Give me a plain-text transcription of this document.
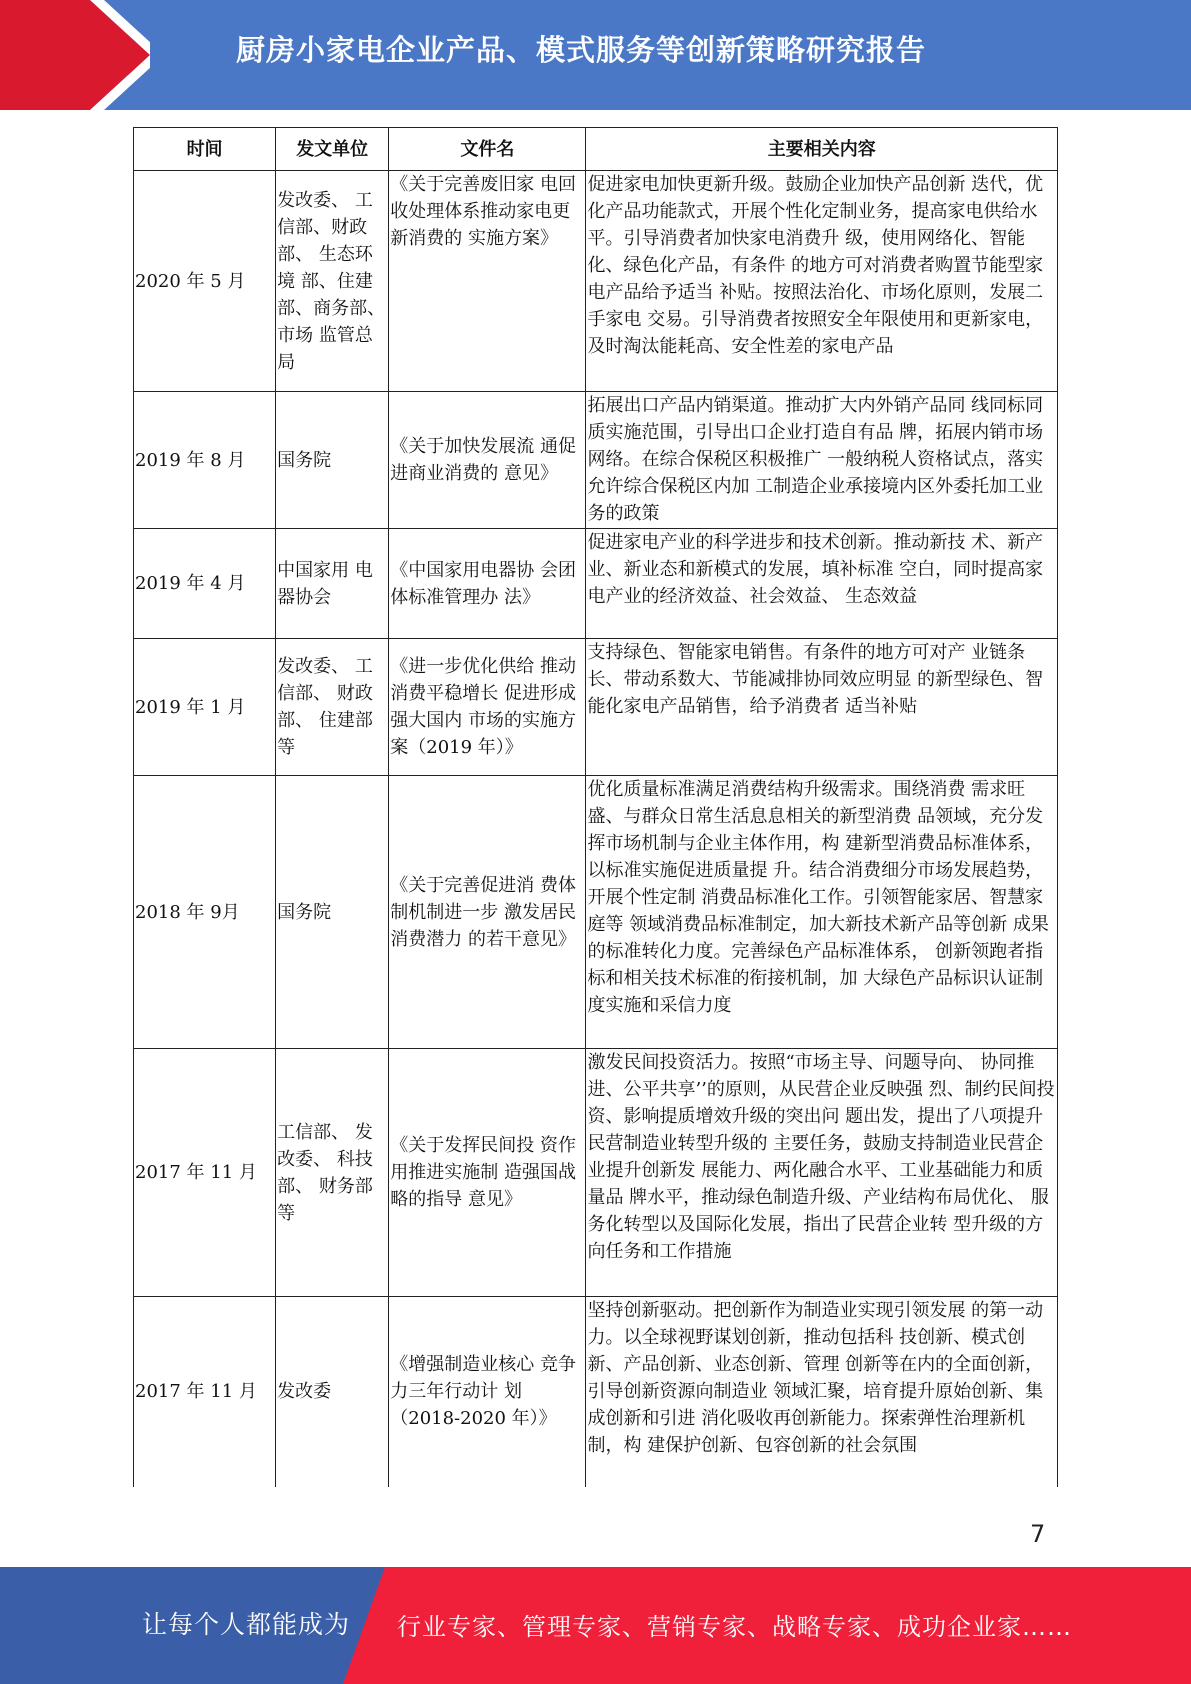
厨房小家电企业产品、模式服务等创新策略研究报告
时间	发文单位	文件名	主要相关内容
2020 年 5 月	发改委、 工信部、财政部、 生态环境 部、住建部、商务部、市场 监管总局	《关于完善废旧家 电回收处理体系推动家电更新消费的 实施方案》	促进家电加快更新升级。鼓励企业加快产品创新 迭代，优化产品功能款式，开展个性化定制业务，提高家电供给水平。引导消费者加快家电消费升 级，使用网络化、智能化、绿色化产品，有条件 的地方可对消费者购置节能型家电产品给予适当 补贴。按照法治化、市场化原则，发展二手家电 交易。引导消费者按照安全年限使用和更新家电， 及时淘汰能耗高、安全性差的家电产品
2019 年 8 月	国务院	《关于加快发展流 通促进商业消费的 意见》	拓展出口产品内销渠道。推动扩大内外销产品同 线同标同质实施范围，引导出口企业打造自有品 牌，拓展内销市场网络。在综合保税区积极推广 一般纳税人资格试点，落实允许综合保税区内加 工制造企业承接境内区外委托加工业务的政策
2019 年 4 月	中国家用 电器协会	《中国家用电器协 会团体标准管理办 法》	促进家电产业的科学进步和技术创新。推动新技 术、新产业、新业态和新模式的发展，填补标准 空白，同时提高家电产业的经济效益、社会效益、 生态效益
2019 年 1 月	发改委、 工信部、 财政部、 住建部等	《进一步优化供给 推动消费平稳增长 促进形成强大国内 市场的实施方案（2019 年）》	支持绿色、智能家电销售。有条件的地方可对产 业链条长、带动系数大、节能减排协同效应明显 的新型绿色、智能化家电产品销售，给予消费者 适当补贴
2018 年 9月	国务院	《关于完善促进消 费体制机制进一步 激发居民消费潜力 的若干意见》	优化质量标准满足消费结构升级需求。围绕消费 需求旺盛、与群众日常生活息息相关的新型消费 品领域，充分发挥市场机制与企业主体作用，构 建新型消费品标准体系，以标准实施促进质量提 升。结合消费细分市场发展趋势，开展个性定制 消费品标准化工作。引领智能家居、智慧家庭等 领域消费品标准制定，加大新技术新产品等创新 成果的标准转化力度。完善绿色产品标准体系， 创新领跑者指标和相关技术标准的衔接机制，加 大绿色产品标识认证制度实施和采信力度
2017 年 11 月	工信部、 发改委、 科技部、 财务部等	《关于发挥民间投 资作用推进实施制 造强国战略的指导 意见》	激发民间投资活力。按照“市场主导、问题导向、 协同推进、公平共享’’的原则，从民营企业反映强 烈、制约民间投资、影响提质增效升级的突出问 题出发，提出了八项提升民营制造业转型升级的 主要任务，鼓励支持制造业民营企业提升创新发 展能力、两化融合水平、工业基础能力和质量品 牌水平，推动绿色制造升级、产业结构布局优化、 服务化转型以及国际化发展，指出了民营企业转 型升级的方向任务和工作措施
2017 年 11 月	发改委	《增强制造业核心 竞争力三年行动计 划（2018-2020 年）》	坚持创新驱动。把创新作为制造业实现引领发展 的第一动力。以全球视野谋划创新，推动包括科 技创新、模式创新、产品创新、业态创新、管理 创新等在内的全面创新，引导创新资源向制造业 领域汇聚，培育提升原始创新、集成创新和引进 消化吸收再创新能力。探索弹性治理新机制，构 建保护创新、包容创新的社会氛围
7
让每个人都能成为 行业专家、管理专家、营销专家、战略专家、成功企业家……
